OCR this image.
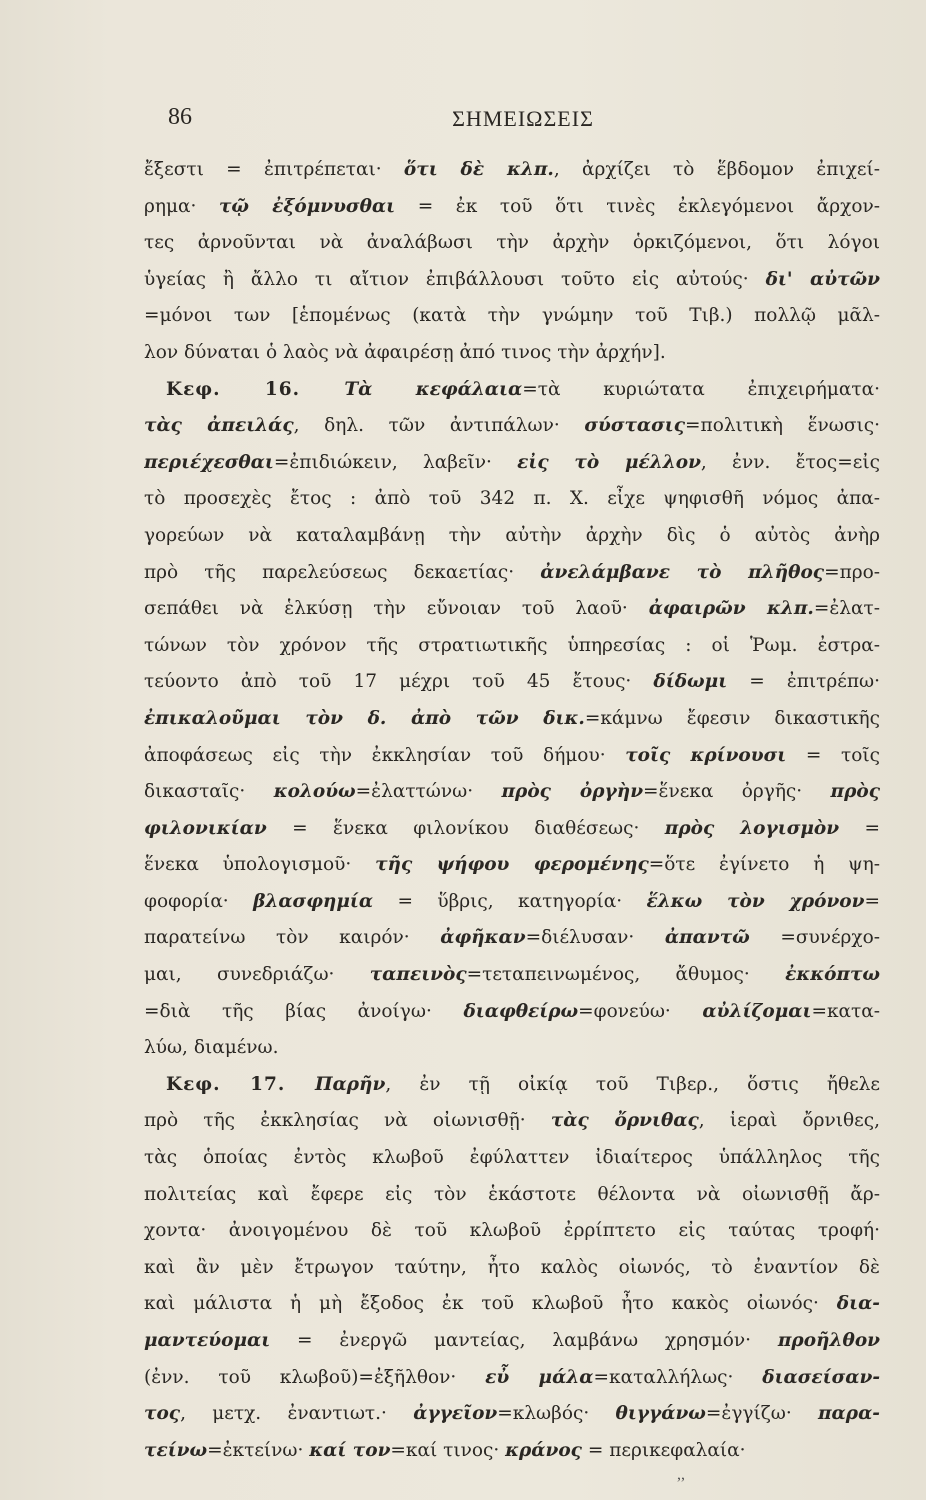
86	ΣΗΜΕΙΩΣΕΙΣ
ἔξεστι = ἐπιτρέπεται· ὅτι δὲ κλπ., ἀρχίζει τὸ ἕβδομον ἐπιχεί-
ρημα· τῷ ἐξόμνυσθαι = ἐκ τοῦ ὅτι τινὲς ἐκλεγόμενοι ἄρχον-
τες ἀρνοῦνται νὰ ἀναλάβωσι τὴν ἀρχὴν ὁρκιζόμενοι, ὅτι λόγοι
ὑγείας ἢ ἄλλο τι αἴτιον ἐπιβάλλουσι τοῦτο εἰς αὐτούς· δι' αὐτῶν
=μόνοι των [ἑπομένως (κατὰ τὴν γνώμην τοῦ Τιβ.) πολλῷ μᾶλ-
λον δύναται ὁ λαὸς νὰ ἀφαιρέσῃ ἀπό τινος τὴν ἀρχήν].
Κεφ. 16. Τὰ κεφάλαια=τὰ κυριώτατα ἐπιχειρήματα·
τὰς ἀπειλάς, δηλ. τῶν ἀντιπάλων· σύστασις=πολιτικὴ ἕνωσις·
περιέχεσθαι=ἐπιδιώκειν, λαβεῖν· εἰς τὸ μέλλον, ἐνν. ἔτος=εἰς
τὸ προσεχὲς ἔτος : ἀπὸ τοῦ 342 π. Χ. εἶχε ψηφισθῆ νόμος ἀπα-
γορεύων νὰ καταλαμβάνῃ τὴν αὐτὴν ἀρχὴν δὶς ὁ αὐτὸς ἀνὴρ
πρὸ τῆς παρελεύσεως δεκαετίας· ἀνελάμβανε τὸ πλῆθος=προ-
σεπάθει νὰ ἑλκύσῃ τὴν εὔνοιαν τοῦ λαοῦ· ἀφαιρῶν κλπ.=ἐλατ-
τώνων τὸν χρόνον τῆς στρατιωτικῆς ὑπηρεσίας : οἱ Ῥωμ. ἐστρα-
τεύοντο ἀπὸ τοῦ 17 μέχρι τοῦ 45 ἔτους· δίδωμι = ἐπιτρέπω·
ἐπικαλοῦμαι τὸν δ. ἀπὸ τῶν δικ.=κάμνω ἔφεσιν δικαστικῆς
ἀποφάσεως εἰς τὴν ἐκκλησίαν τοῦ δήμου· τοῖς κρίνουσι = τοῖς
δικασταῖς· κολούω=ἐλαττώνω· πρὸς ὀργὴν=ἕνεκα ὀργῆς· πρὸς
φιλονικίαν = ἕνεκα φιλονίκου διαθέσεως· πρὸς λογισμὸν =
ἕνεκα ὑπολογισμοῦ· τῆς ψήφου φερομένης=ὅτε ἐγίνετο ἡ ψη-
φοφορία· βλασφημία = ὕβρις, κατηγορία· ἕλκω τὸν χρόνον=
παρατείνω τὸν καιρόν· ἀφῆκαν=διέλυσαν· ἀπαντῶ =συνέρχο-
μαι, συνεδριάζω· ταπεινὸς=τεταπεινωμένος, ἄθυμος· ἐκκόπτω
=διὰ τῆς βίας ἀνοίγω· διαφθείρω=φονεύω· αὐλίζομαι=κατα-
λύω, διαμένω.
Κεφ. 17. Παρῆν, ἐν τῇ οἰκίᾳ τοῦ Τιβερ., ὅστις ἤθελε
πρὸ τῆς ἐκκλησίας νὰ οἰωνισθῇ· τὰς ὄρνιθας, ἱεραὶ ὄρνιθες,
τὰς ὁποίας ἐντὸς κλωβοῦ ἐφύλαττεν ἰδιαίτερος ὑπάλληλος τῆς
πολιτείας καὶ ἔφερε εἰς τὸν ἑκάστοτε θέλοντα νὰ οἰωνισθῇ ἄρ-
χοντα· ἀνοιγομένου δὲ τοῦ κλωβοῦ ἐρρίπτετο εἰς ταύτας τροφή·
καὶ ἂν μὲν ἔτρωγον ταύτην, ἦτο καλὸς οἰωνός, τὸ ἐναντίον δὲ
καὶ μάλιστα ἡ μὴ ἔξοδος ἐκ τοῦ κλωβοῦ ἦτο κακὸς οἰωνός· δια-
μαντεύομαι = ἐνεργῶ μαντείας, λαμβάνω χρησμόν· προῆλθον
(ἐνν. τοῦ κλωβοῦ)=ἐξῆλθον· εὖ μάλα=καταλλήλως· διασείσαν-
τος, μετχ. ἐναντιωτ.· ἀγγεῖον=κλωβός· θιγγάνω=ἐγγίζω· παρα-
τείνω=ἐκτείνω· καί τον=καί τινος· κράνος = περικεφαλαία·
,,
